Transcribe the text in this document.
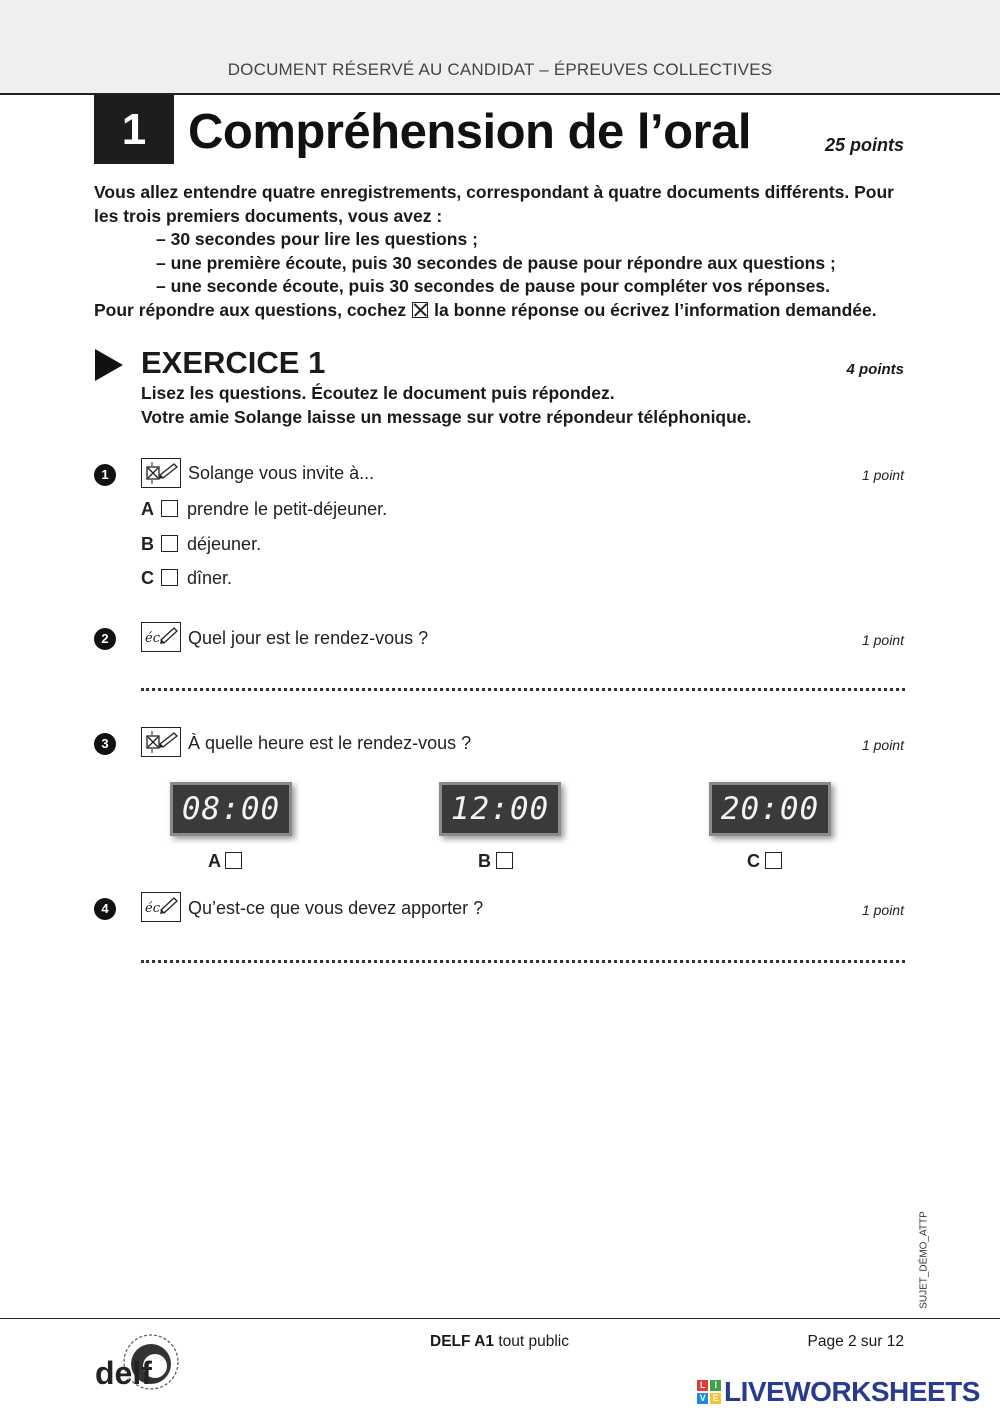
DOCUMENT RÉSERVÉ AU CANDIDAT – ÉPREUVES COLLECTIVES
1 Compréhension de l’oral	25 points
Vous allez entendre quatre enregistrements, correspondant à quatre documents différents. Pour les trois premiers documents, vous avez :
– 30 secondes pour lire les questions ;
– une première écoute, puis 30 secondes de pause pour répondre aux questions ;
– une seconde écoute, puis 30 secondes de pause pour compléter vos réponses.
Pour répondre aux questions, cochez la bonne réponse ou écrivez l’information demandée.
EXERCICE 1	4 points
Lisez les questions. Écoutez le document puis répondez.
Votre amie Solange laisse un message sur votre répondeur téléphonique.
1	Solange vous invite à...	1 point
A prendre le petit-déjeuner.
B déjeuner.
C dîner.
2	éc Quel jour est le rendez-vous ?	1 point
3	À quelle heure est le rendez-vous ?	1 point
08:00	12:00	20:00
A	B	C
4	éc Qu’est-ce que vous devez apporter ?	1 point
SUJET_DÉMO_ATTP
delf
DELF A1 tout public	Page 2 sur 12
L	I
V E LIVEWORKSHEETS
